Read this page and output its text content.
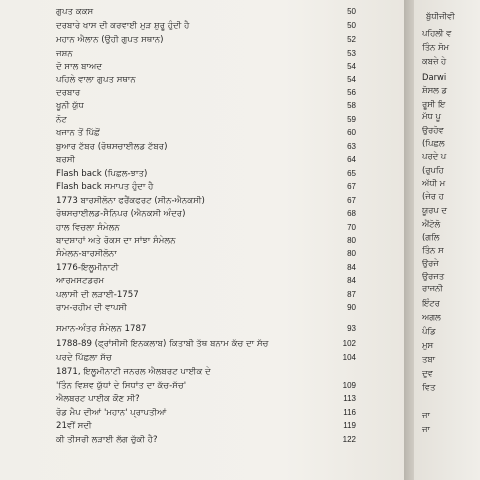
ਗੁਪਤ ਕਕਸ	50
ਦਰਬਾਰੇ ਖਾਸ ਦੀ ਕਰਵਾਈ ਮੁੜ ਸ਼ੁਰੂ ਹੁੰਦੀ ਹੈ	50
ਮਹਾਨ ਐਲਾਨ (ਉਹੀ ਗੁਪਤ ਸਥਾਨ)	52
ਜਸ਼ਨ	53
ਦੋ ਸਾਲ ਬਾਅਦ	54
ਪਹਿਲੇ ਵਾਲਾ ਗੁਪਤ ਸਥਾਨ	54
ਦਰਬਾਰ	56
ਖੂਨੀ ਯੁੱਧ	58
ਨੋਟ	59
ਖਜਾਨ ਤੋਂ ਪਿੱਛੋਂ	60
ਬੁਆਰ ਟੱਬਰ (ਰੋਥਸਚਾਈਲਡ ਟੱਬਰ)	63
ਬਰਸੀ	64
Flash back (ਪਿਛਲ-ਝਾਤ)	65
Flash back ਸਮਾਪਤ ਹੁੰਦਾ ਹੈ	67
1773 ਬਾਰਸੀਲੋਨਾ ਫਰੈਂਕਫਰਟ (ਸੀਨ-ਐਨਕਸੀ)	67
ਰੋਥਸਚਾਈਲਡ-ਸੈਨਿਪਰ (ਐਨਕਸੀ ਅੰਦਰ)	68
ਹਾਲ ਵਿਚਲਾ ਸੰਮੇਲਨ	70
ਬਾਦਸ਼ਾਹਾਂ ਅਤੇ ਰੋਕਸ ਦਾ ਸਾਂਝਾ ਸੰਮੇਲਨ	80
ਸੰਮੇਲਨ-ਬਾਰਸੀਲੋਨਾ	80
1776-ਇਲੂਮੀਨਾਟੀ	84
ਆਰਮਸਟਡਰਮ	84
ਪਲਾਸੀ ਦੀ ਲੜਾਈ-1757	87
ਰਾਮ-ਰਹੀਮ ਦੀ ਵਾਪਸੀ	90
ਸਮਾਨ-ਅੰਤਰ ਸੰਮੇਲਨ 1787	93
1788-89 (ਫ੍ਰਾਂਸੀਸੀ ਇਨਕਲਾਬ) ਕਿਤਾਬੀ ਤੱਥ ਬਨਾਮ ਕੱਚ ਦਾ ਸੱਚ	102
ਪਰਦੇ ਪਿੱਛਲਾ ਸੱਚ	104
1871, ਇਲੂਮੀਨਾਟੀ ਜਨਰਲ ਐਲਬਰਟ ਪਾਈਕ ਦੇ
'ਤਿੰਨ ਵਿਸ਼ਵ ਯੁੱਧਾਂ ਦੇ ਸਿਧਾਂਤ ਦਾ ਕੱਚ-ਸੱਚ'	109
ਐਲਬਰਟ ਪਾਈਕ ਕੌਣ ਸੀ?	113
ਰੋਡ ਮੈਪ ਦੀਆਂ 'ਮਹਾਨ' ਪ੍ਰਾਪਤੀਆਂ	116
21ਵੀਂ ਸਦੀ	119
ਕੀ ਤੀਸਰੀ ਲੜਾਈ ਲੱਗ ਚੁੱਕੀ ਹੈ?	122
ਬੁੱਧੀਜੀਵੀ
ਪਹਿਲੀ ਵ
ਤਿੰਨ ਸੋਮ
ਕਬਜ਼ੇ ਹੇ
Darwi
ਸ਼ੋਸਲ ਡ
ਰੂਸੀ ਇ
ਮੱਧ ਪੂ
ਉਰਹੋਵ
(ਪਿਛਲ
ਪਰਦੇ ਪ
(ਰੁਪਹਿ
ਅੱਧੀ ਮ
(ਜੇਰ ਹ
ਯੂਰਪ ਦ
ਐਂਟੋਲੋ
(ਗਲਿ
ਤਿੰਨ ਸ
ਉਰਜੇ
ਉਰਜਤ
ਰਾਜਨੀ
ਇੰਟਰ
ਅਗਲ
ਪੰਡਿ
ਮੁਸ
ਤਬਾ
ਦੁਵ
ਵਿਤ
ਜਾ
ਜਾ
